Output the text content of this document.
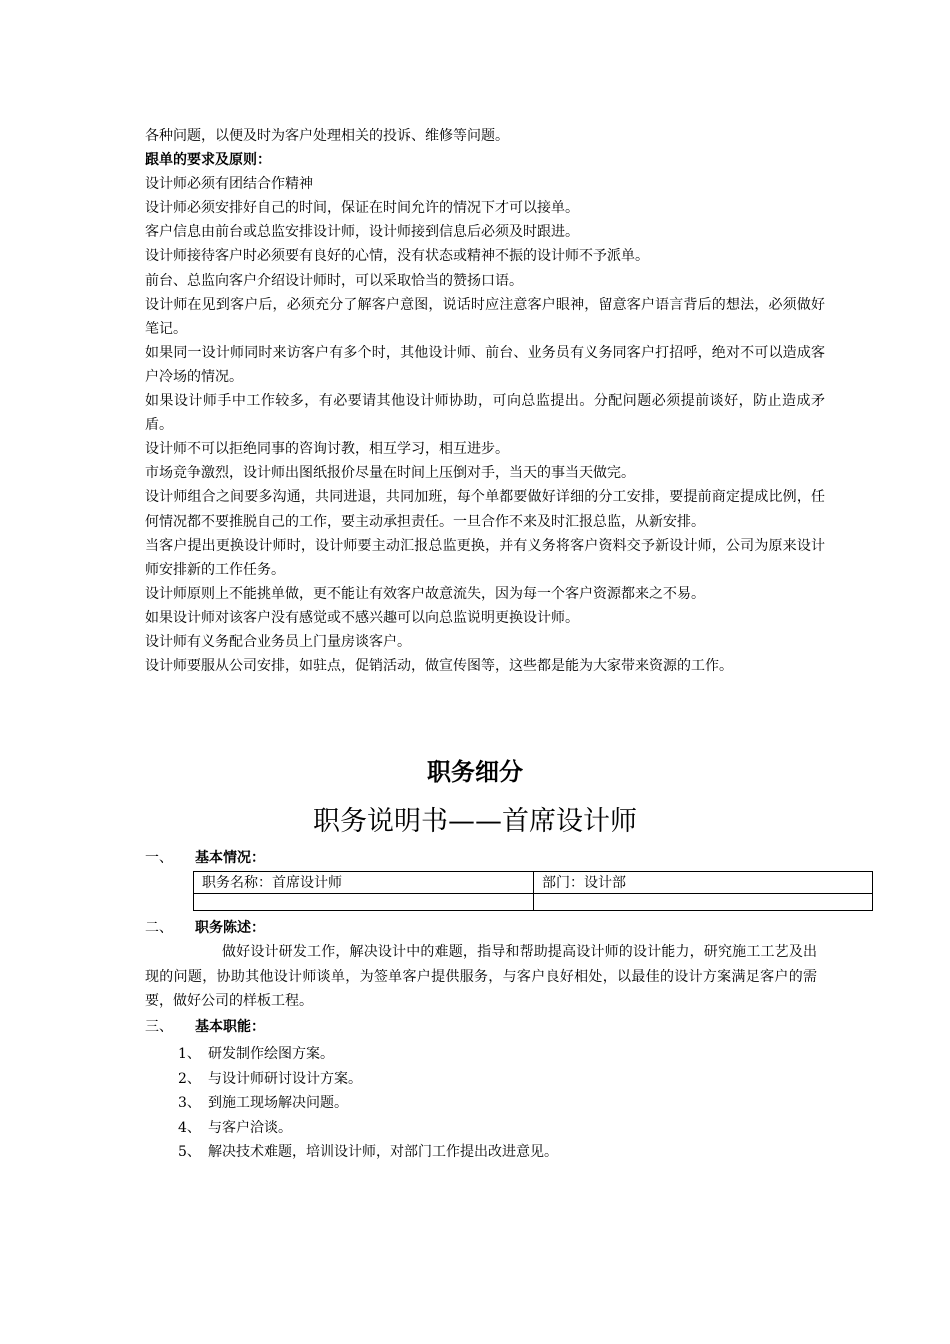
各种问题，以便及时为客户处理相关的投诉、维修等问题。

跟单的要求及原则：

设计师必须有团结合作精神

设计师必须安排好自己的时间，保证在时间允许的情况下才可以接单。

客户信息由前台或总监安排设计师，设计师接到信息后必须及时跟进。

设计师接待客户时必须要有良好的心情，没有状态或精神不振的设计师不予派单。

前台、总监向客户介绍设计师时，可以采取恰当的赞扬口语。

设计师在见到客户后，必须充分了解客户意图，说话时应注意客户眼神，留意客户语言背后的想法，必须做好笔记。

如果同一设计师同时来访客户有多个时，其他设计师、前台、业务员有义务同客户打招呼，绝对不可以造成客户冷场的情况。

如果设计师手中工作较多，有必要请其他设计师协助，可向总监提出。分配问题必须提前谈好，防止造成矛盾。

设计师不可以拒绝同事的咨询讨教，相互学习，相互进步。

市场竞争激烈，设计师出图纸报价尽量在时间上压倒对手，当天的事当天做完。

设计师组合之间要多沟通，共同进退，共同加班，每个单都要做好详细的分工安排，要提前商定提成比例，任何情况都不要推脱自己的工作，要主动承担责任。一旦合作不来及时汇报总监，从新安排。

当客户提出更换设计师时，设计师要主动汇报总监更换，并有义务将客户资料交予新设计师，公司为原来设计师安排新的工作任务。

设计师原则上不能挑单做，更不能让有效客户故意流失，因为每一个客户资源都来之不易。

如果设计师对该客户没有感觉或不感兴趣可以向总监说明更换设计师。

设计师有义务配合业务员上门量房谈客户。

设计师要服从公司安排，如驻点，促销活动，做宣传图等，这些都是能为大家带来资源的工作。

职务细分
职务说明书——首席设计师
一、 基本情况：
职务名称：首席设计师	部门：设计部

二、 职务陈述：

做好设计研发工作，解决设计中的难题，指导和帮助提高设计师的设计能力，研究施工工艺及出现的问题，协助其他设计师谈单，为签单客户提供服务，与客户良好相处，以最佳的设计方案满足客户的需要，做好公司的样板工程。

三、 基本职能：
1、 研发制作绘图方案。
2、 与设计师研讨设计方案。
3、 到施工现场解决问题。
4、 与客户洽谈。
5、 解决技术难题，培训设计师，对部门工作提出改进意见。
